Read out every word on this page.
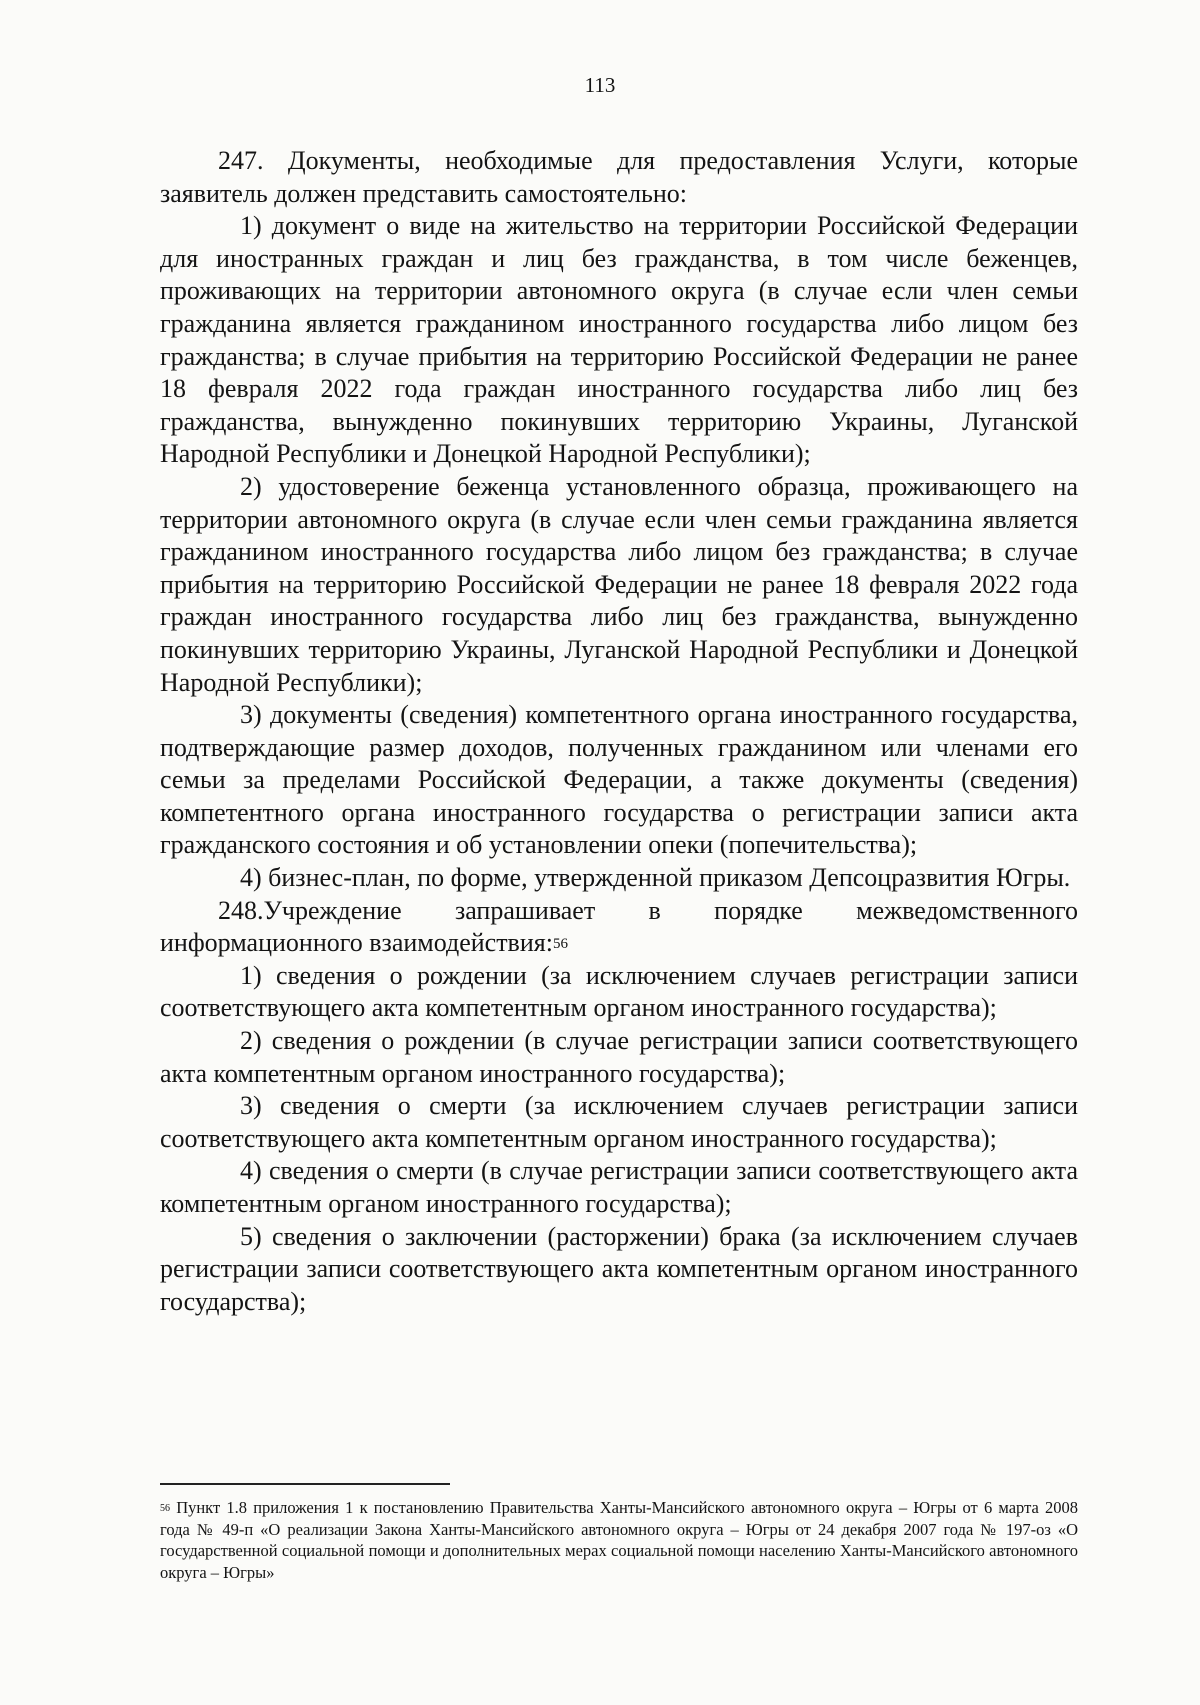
113

247. Документы, необходимые для предоставления Услуги, которые заявитель должен представить самостоятельно:

1) документ о виде на жительство на территории Российской Федерации для иностранных граждан и лиц без гражданства, в том числе беженцев, проживающих на территории автономного округа (в случае если член семьи гражданина является гражданином иностранного государства либо лицом без гражданства; в случае прибытия на территорию Российской Федерации не ранее 18 февраля 2022 года граждан иностранного государства либо лиц без гражданства, вынужденно покинувших территорию Украины, Луганской Народной Республики и Донецкой Народной Республики);

2) удостоверение беженца установленного образца, проживающего на территории автономного округа (в случае если член семьи гражданина является гражданином иностранного государства либо лицом без гражданства; в случае прибытия на территорию Российской Федерации не ранее 18 февраля 2022 года граждан иностранного государства либо лиц без гражданства, вынужденно покинувших территорию Украины, Луганской Народной Республики и Донецкой Народной Республики);

3) документы (сведения) компетентного органа иностранного государства, подтверждающие размер доходов, полученных гражданином или членами его семьи за пределами Российской Федерации, а также документы (сведения) компетентного органа иностранного государства о регистрации записи акта гражданского состояния и об установлении опеки (попечительства);

4) бизнес-план, по форме, утвержденной приказом Депсоцразвития Югры.

248.Учреждение запрашивает в порядке межведомственного информационного взаимодействия:$^{56}$

1) сведения о рождении (за исключением случаев регистрации записи соответствующего акта компетентным органом иностранного государства);

2) сведения о рождении (в случае регистрации записи соответствующего акта компетентным органом иностранного государства);

3) сведения о смерти (за исключением случаев регистрации записи соответствующего акта компетентным органом иностранного государства);

4) сведения о смерти (в случае регистрации записи соответствующего акта компетентным органом иностранного государства);

5) сведения о заключении (расторжении) брака (за исключением случаев регистрации записи соответствующего акта компетентным органом иностранного государства);

$^{56}$ Пункт 1.8 приложения 1 к постановлению Правительства Ханты-Мансийского автономного округа – Югры от 6 марта 2008 года № 49-п «О реализации Закона Ханты-Мансийского автономного округа – Югры от 24 декабря 2007 года № 197-оз «О государственной социальной помощи и дополнительных мерах социальной помощи населению Ханты-Мансийского автономного округа – Югры»
